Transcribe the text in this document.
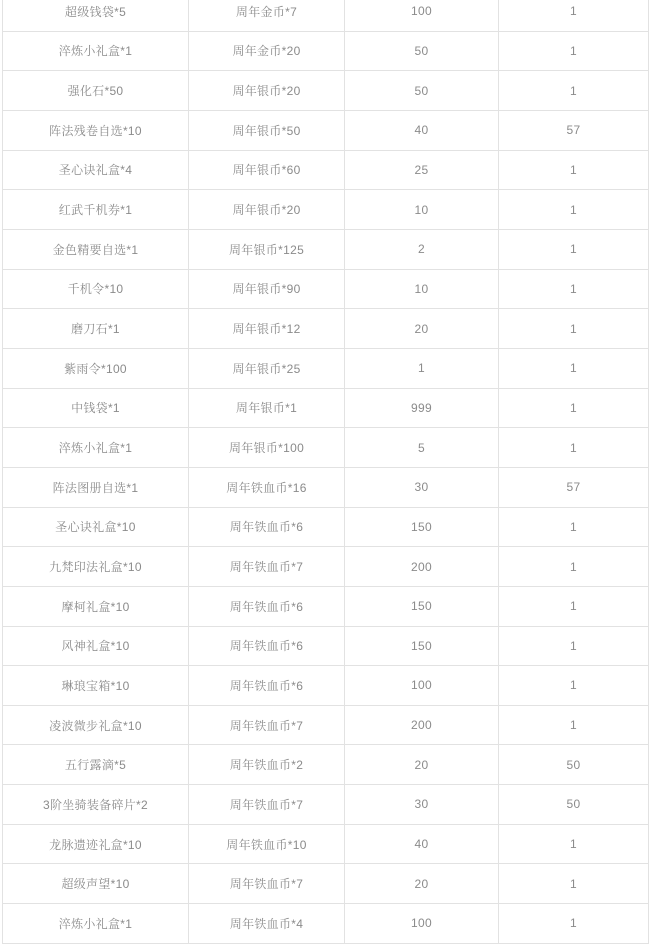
超级钱袋*5	周年金币*7	100	1
淬炼小礼盒*1	周年金币*20	50	1
强化石*50	周年银币*20	50	1
阵法残卷自选*10	周年银币*50	40	57
圣心诀礼盒*4	周年银币*60	25	1
红武千机券*1	周年银币*20	10	1
金色精要自选*1	周年银币*125	2	1
千机令*10	周年银币*90	10	1
磨刀石*1	周年银币*12	20	1
紫雨令*100	周年银币*25	1	1
中钱袋*1	周年银币*1	999	1
淬炼小礼盒*1	周年银币*100	5	1
阵法图册自选*1	周年铁血币*16	30	57
圣心诀礼盒*10	周年铁血币*6	150	1
九梵印法礼盒*10	周年铁血币*7	200	1
摩柯礼盒*10	周年铁血币*6	150	1
风神礼盒*10	周年铁血币*6	150	1
琳琅宝箱*10	周年铁血币*6	100	1
凌波微步礼盒*10	周年铁血币*7	200	1
五行露滴*5	周年铁血币*2	20	50
3阶坐骑装备碎片*2	周年铁血币*7	30	50
龙脉遗迹礼盒*10	周年铁血币*10	40	1
超级声望*10	周年铁血币*7	20	1
淬炼小礼盒*1	周年铁血币*4	100	1
